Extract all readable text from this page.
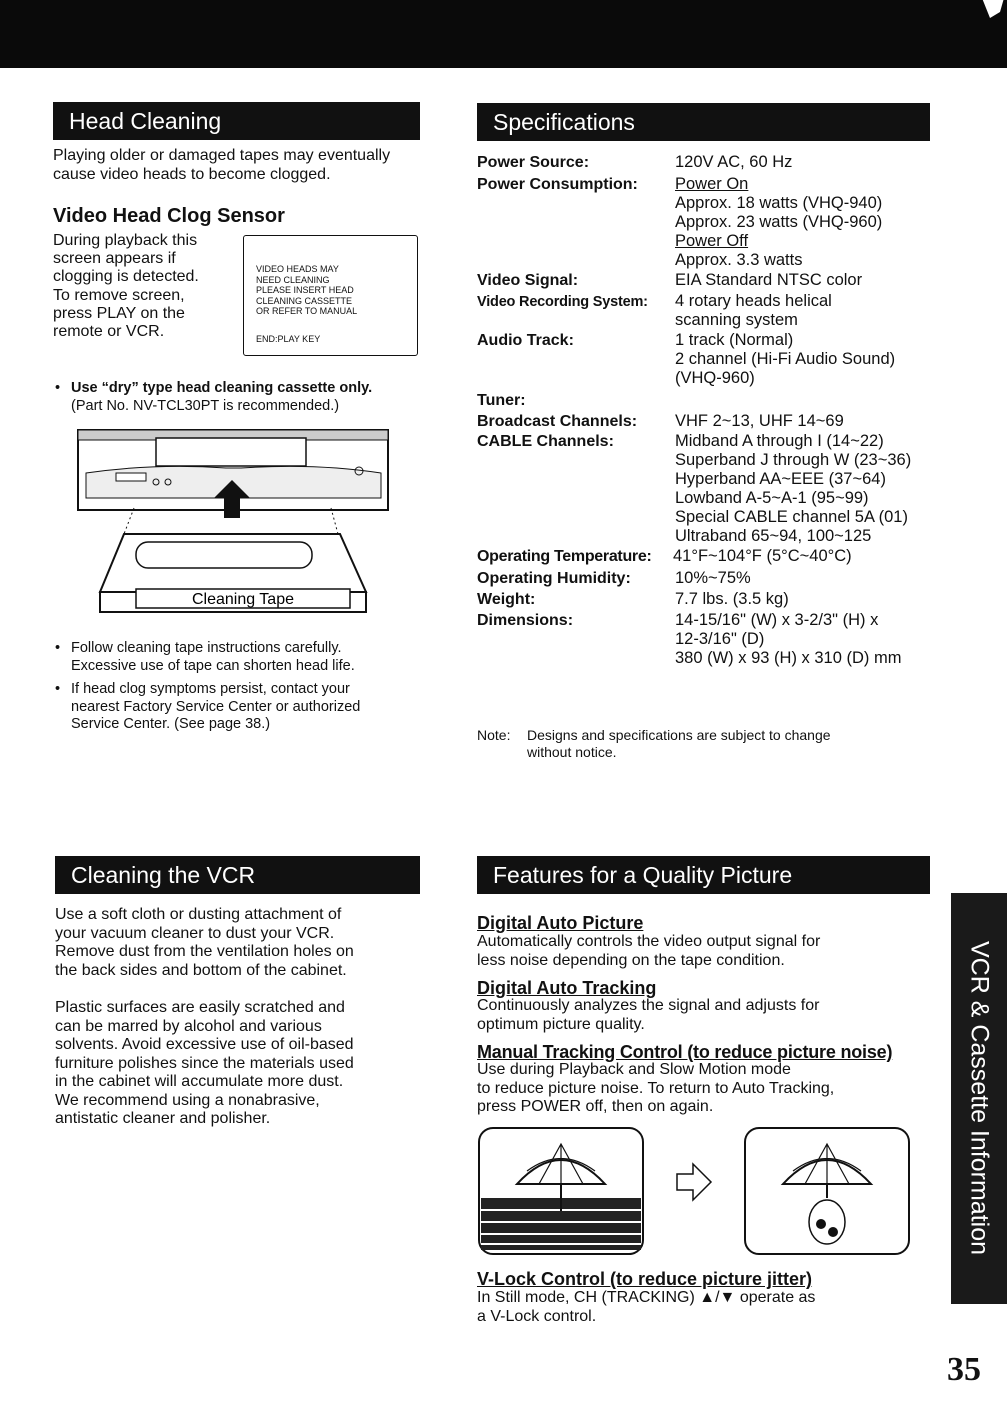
Head Cleaning
Playing older or damaged tapes may eventually
cause video heads to become clogged.
Video Head Clog Sensor
During playback this
screen appears if
clogging is detected.
To remove screen,
press PLAY on the
remote or VCR.
VIDEO HEADS MAY
NEED CLEANING
PLEASE INSERT HEAD
CLEANING CASSETTE
OR REFER TO MANUAL
END:PLAY KEY
• Use “dry” type head cleaning cassette only.
(Part No. NV-TCL30PT is recommended.)
Cleaning Tape
• Follow cleaning tape instructions carefully.
Excessive use of tape can shorten head life.
• If head clog symptoms persist, contact your
nearest Factory Service Center or authorized
Service Center. (See page 38.)
Specifications
Power Source:	120V AC, 60 Hz
Power Consumption: Power On
Approx. 18 watts (VHQ-940)
Approx. 23 watts (VHQ-960)
Power Off
Approx. 3.3 watts
Video Signal:	EIA Standard NTSC color
Video Recording System: 4 rotary heads helical
scanning system
Audio Track:	1 track (Normal)
2 channel (Hi-Fi Audio Sound)
(VHQ-960)
Tuner:
Broadcast Channels: VHF 2~13, UHF 14~69
CABLE Channels:	Midband A through I (14~22)
Superband J through W (23~36)
Hyperband AA~EEE (37~64)
Lowband A-5~A-1 (95~99)
Special CABLE channel 5A (01)
Ultraband 65~94, 100~125
Operating Temperature: 41°F~104°F (5°C~40°C)
Operating Humidity:	10%~75%
Weight:	7.7 lbs. (3.5 kg)
Dimensions:	14-15/16" (W) x 3-2/3" (H) x
12-3/16" (D)
380 (W) x 93 (H) x 310 (D) mm
Note: Designs and specifications are subject to change
without notice.
Cleaning the VCR
Use a soft cloth or dusting attachment of
your vacuum cleaner to dust your VCR.
Remove dust from the ventilation holes on
the back sides and bottom of the cabinet.
Plastic surfaces are easily scratched and
can be marred by alcohol and various
solvents. Avoid excessive use of oil-based
furniture polishes since the materials used
in the cabinet will accumulate more dust.
We recommend using a nonabrasive,
antistatic cleaner and polisher.
Features for a Quality Picture
Digital Auto Picture
Automatically controls the video output signal for
less noise depending on the tape condition.
Digital Auto Tracking
Continuously analyzes the signal and adjusts for
optimum picture quality.
Manual Tracking Control (to reduce picture noise)
Use during Playback and Slow Motion mode
to reduce picture noise. To return to Auto Tracking,
press POWER off, then on again.
V-Lock Control (to reduce picture jitter)
In Still mode, CH (TRACKING) ▲/▼ operate as
a V-Lock control.
VCR & Cassette Information
35
